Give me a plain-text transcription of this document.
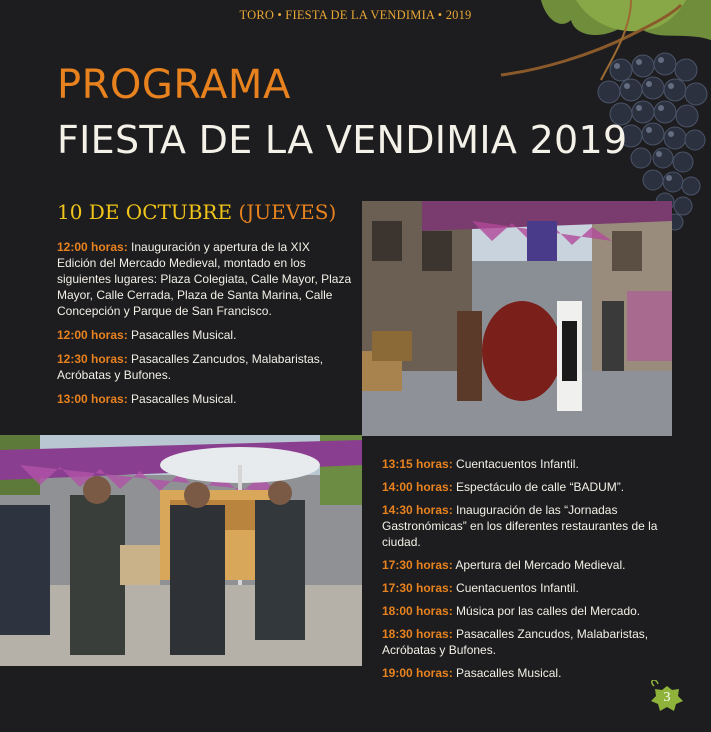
TORO • FIESTA DE LA VENDIMIA • 2019
PROGRAMA
FIESTA DE LA VENDIMIA 2019
10 DE OCTUBRE (JUEVES)
12:00 horas: Inauguración y apertura de la XIX Edición del Mercado Medieval, montado en los siguientes lugares: Plaza Colegiata, Calle Mayor, Plaza Mayor, Calle Cerrada, Plaza de Santa Marina, Calle Concepción y Parque de San Francisco.
12:00 horas: Pasacalles Musical.
12:30 horas: Pasacalles Zancudos, Malabaristas, Acróbatas y Bufones.
13:00 horas: Pasacalles Musical.
13:15 horas: Cuentacuentos Infantil.
14:00 horas: Espectáculo de calle “BADUM”.
14:30 horas: Inauguración de las “Jornadas Gastronómicas” en los diferentes restaurantes de la ciudad.
17:30 horas: Apertura del Mercado Medieval.
17:30 horas: Cuentacuentos Infantil.
18:00 horas: Música por las calles del Mercado.
18:30 horas: Pasacalles Zancudos, Malabaristas, Acróbatas y Bufones.
19:00 horas: Pasacalles Musical.
3
